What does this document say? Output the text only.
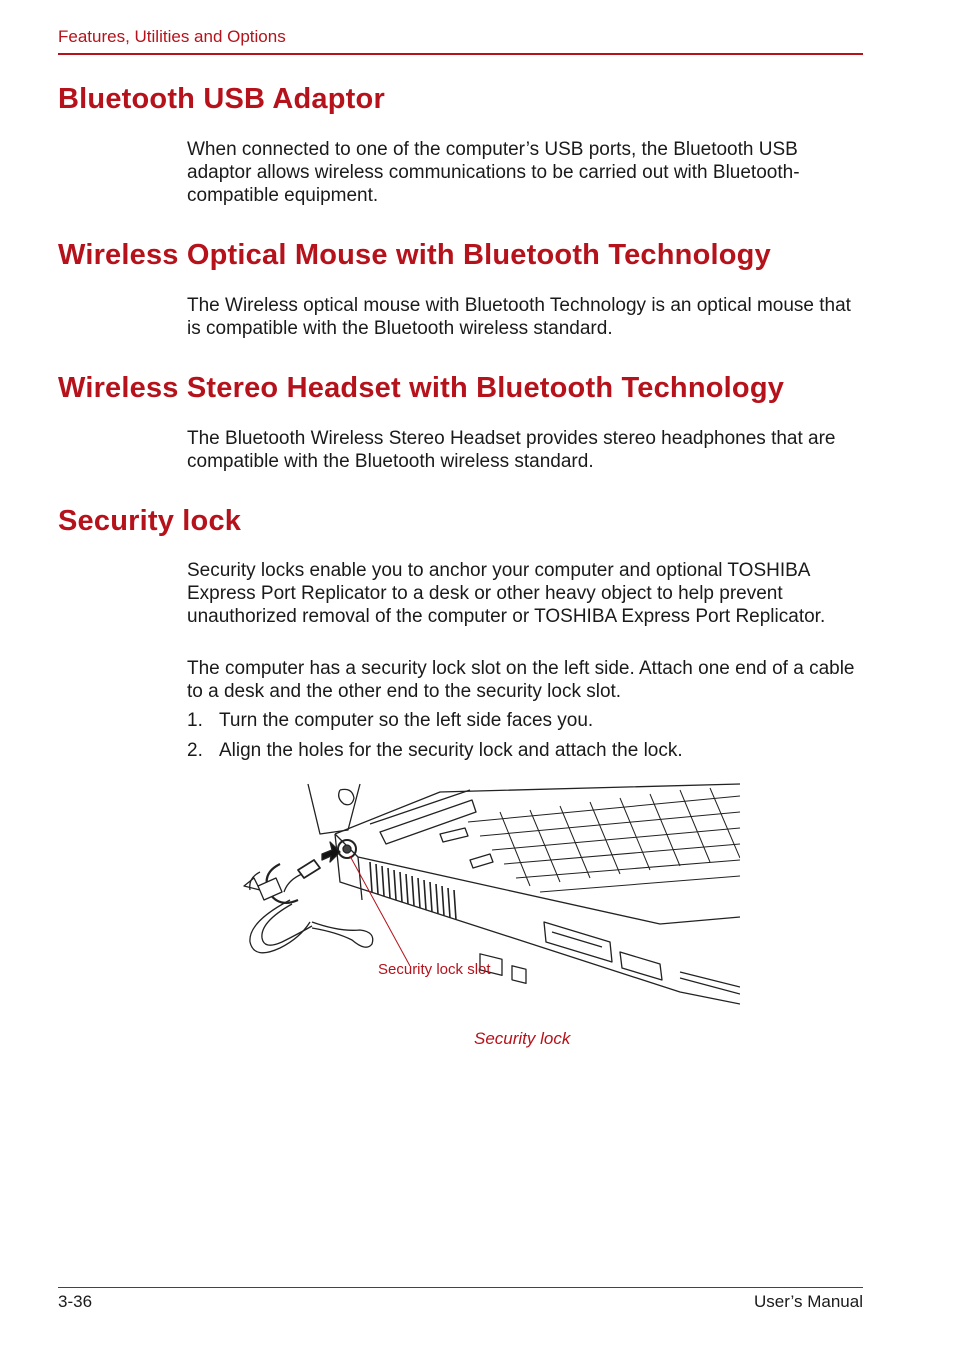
Features, Utilities and Options
Bluetooth USB Adaptor

When connected to one of the computer’s USB ports, the Bluetooth USB adaptor allows wireless communications to be carried out with Bluetooth-compatible equipment.

Wireless Optical Mouse with Bluetooth Technology

The Wireless optical mouse with Bluetooth Technology is an optical mouse that is compatible with the Bluetooth wireless standard.

Wireless Stereo Headset with Bluetooth Technology

The Bluetooth Wireless Stereo Headset provides stereo headphones that are compatible with the Bluetooth wireless standard.

Security lock

Security locks enable you to anchor your computer and optional TOSHIBA Express Port Replicator to a desk or other heavy object to help prevent unauthorized removal of the computer or TOSHIBA Express Port Replicator.

The computer has a security lock slot on the left side. Attach one end of a cable to a desk and the other end to the security lock slot.

1. Turn the computer so the left side faces you.
2. Align the holes for the security lock and attach the lock.
Security lock slot
Security lock
3-36	User’s Manual
